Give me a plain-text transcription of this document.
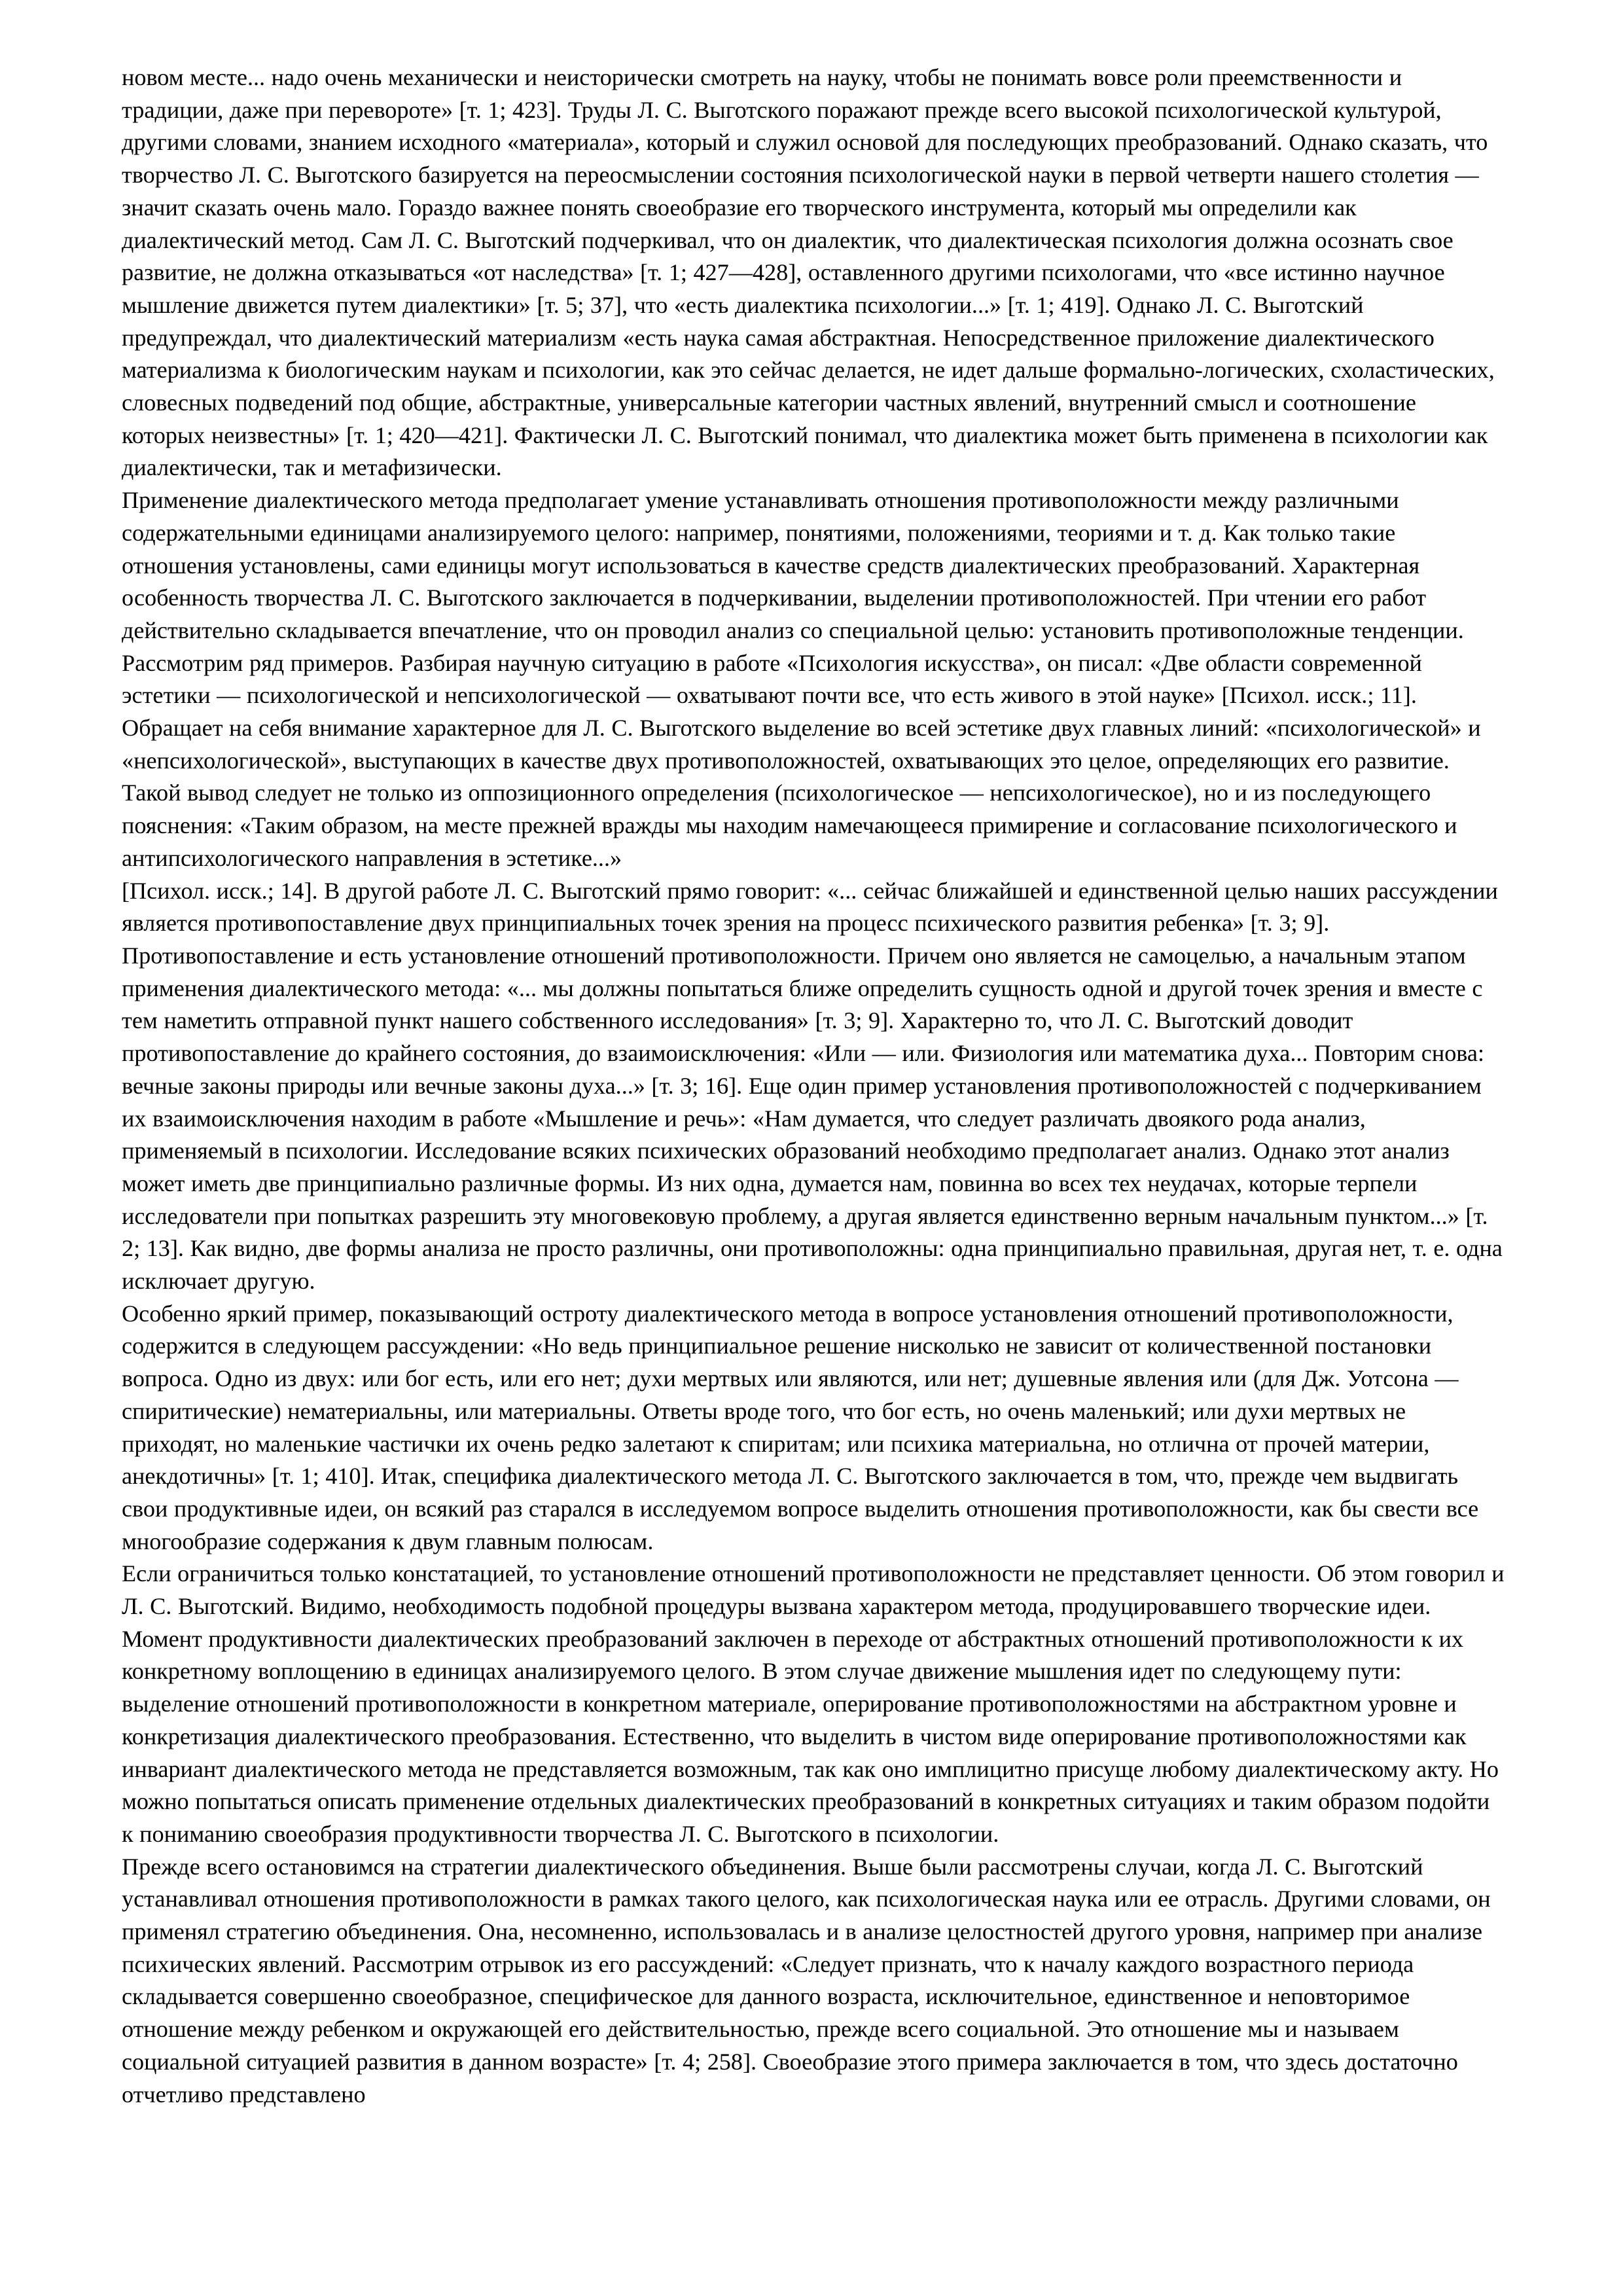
новом месте... надо очень механически и неисторически смотреть на науку, чтобы не понимать вовсе роли преемственности и традиции, даже при перевороте» [т. 1; 423]. Труды Л. С. Выготского поражают прежде всего высокой психологической культурой, другими словами, знанием исходного «материала», который и служил основой для последующих преобразований. Однако сказать, что творчество Л. С. Выготского базируется на переосмыслении состояния психологической науки в первой четверти нашего столетия — значит сказать очень мало. Гораздо важнее понять своеобразие его творческого инструмента, который мы определили как диалектический метод. Сам Л. С. Выготский подчеркивал, что он диалектик, что диалектическая психология должна осознать свое развитие, не должна отказываться «от наследства» [т. 1; 427—428], оставленного другими психологами, что «все истинно научное мышление движется путем диалектики» [т. 5; 37], что «есть диалектика психологии...» [т. 1; 419]. Однако Л. С. Выготский предупреждал, что диалектический материализм «есть наука самая абстрактная. Непосредственное приложение диалектического материализма к биологическим наукам и психологии, как это сейчас делается, не идет дальше формально-логических, схоластических, словесных подведений под общие, абстрактные, универсальные категории частных явлений, внутренний смысл и соотношение которых неизвестны» [т. 1; 420—421]. Фактически Л. С. Выготский понимал, что диалектика может быть применена в психологии как диалектически, так и метафизически.

Применение диалектического метода предполагает умение устанавливать отношения противоположности между различными содержательными единицами анализируемого целого: например, понятиями, положениями, теориями и т. д. Как только такие отношения установлены, сами единицы могут использоваться в качестве средств диалектических преобразований. Характерная особенность творчества Л. С. Выготского заключается в подчеркивании, выделении противоположностей. При чтении его работ действительно складывается впечатление, что он проводил анализ со специальной целью: установить противоположные тенденции. Рассмотрим ряд примеров. Разбирая научную ситуацию в работе «Психология искусства», он писал: «Две области современной эстетики — психологической и непсихологической — охватывают почти все, что есть живого в этой науке» [Психол. исск.; 11]. Обращает на себя внимание характерное для Л. С. Выготского выделение во всей эстетике двух главных линий: «психологической» и «непсихологической», выступающих в качестве двух противоположностей, охватывающих это целое, определяющих его развитие. Такой вывод следует не только из оппозиционного определения (психологическое — непсихологическое), но и из последующего пояснения: «Таким образом, на месте прежней вражды мы находим намечающееся примирение и согласование психологического и антипсихологического направления в эстетике...»

[Психол. исск.; 14]. В другой работе Л. С. Выготский прямо говорит: «... сейчас ближайшей и единственной целью наших рассуждении является противопоставление двух принципиальных точек зрения на процесс психического развития ребенка» [т. 3; 9]. Противопоставление и есть установление отношений противоположности. Причем оно является не самоцелью, а начальным этапом применения диалектического метода: «... мы должны попытаться ближе определить сущность одной и другой точек зрения и вместе с тем наметить отправной пункт нашего собственного исследования» [т. 3; 9]. Характерно то, что Л. С. Выготский доводит противопоставление до крайнего состояния, до взаимоисключения: «Или — или. Физиология или математика духа... Повторим снова: вечные законы природы или вечные законы духа...» [т. 3; 16]. Еще один пример установления противоположностей с подчеркиванием их взаимоисключения находим в работе «Мышление и речь»: «Нам думается, что следует различать двоякого рода анализ, применяемый в психологии. Исследование всяких психических образований необходимо предполагает анализ. Однако этот анализ может иметь две принципиально различные формы. Из них одна, думается нам, повинна во всех тех неудачах, которые терпели исследователи при попытках разрешить эту многовековую проблему, а другая является единственно верным начальным пунктом...» [т. 2; 13]. Как видно, две формы анализа не просто различны, они противоположны: одна принципиально правильная, другая нет, т. е. одна исключает другую.

Особенно яркий пример, показывающий остроту диалектического метода в вопросе установления отношений противоположности, содержится в следующем рассуждении: «Но ведь принципиальное решение нисколько не зависит от количественной постановки вопроса. Одно из двух: или бог есть, или его нет; духи мертвых или являются, или нет; душевные явления или (для Дж. Уотсона — спиритические) нематериальны, или материальны. Ответы вроде того, что бог есть, но очень маленький; или духи мертвых не приходят, но маленькие частички их очень редко залетают к спиритам; или психика материальна, но отлична от прочей материи, анекдотичны» [т. 1; 410]. Итак, специфика диалектического метода Л. С. Выготского заключается в том, что, прежде чем выдвигать свои продуктивные идеи, он всякий раз старался в исследуемом вопросе выделить отношения противоположности, как бы свести все многообразие содержания к двум главным полюсам.

Если ограничиться только констатацией, то установление отношений противоположности не представляет ценности. Об этом говорил и Л. С. Выготский. Видимо, необходимость подобной процедуры вызвана характером метода, продуцировавшего творческие идеи. Момент продуктивности диалектических преобразований заключен в переходе от абстрактных отношений противоположности к их конкретному воплощению в единицах анализируемого целого. В этом случае движение мышления идет по следующему пути: выделение отношений противоположности в конкретном материале, оперирование противоположностями на абстрактном уровне и конкретизация диалектического преобразования. Естественно, что выделить в чистом виде оперирование противоположностями как инвариант диалектического метода не представляется возможным, так как оно имплицитно присуще любому диалектическому акту. Но можно попытаться описать применение отдельных диалектических преобразований в конкретных ситуациях и таким образом подойти к пониманию своеобразия продуктивности творчества Л. С. Выготского в психологии.

Прежде всего остановимся на стратегии диалектического объединения. Выше были рассмотрены случаи, когда Л. С. Выготский устанавливал отношения противоположности в рамках такого целого, как психологическая наука или ее отрасль. Другими словами, он применял стратегию объединения. Она, несомненно, использовалась и в анализе целостностей другого уровня, например при анализе психических явлений. Рассмотрим отрывок из его рассуждений: «Следует признать, что к началу каждого возрастного периода складывается совершенно своеобразное, специфическое для данного возраста, исключительное, единственное и неповторимое отношение между ребенком и окружающей его действительностью, прежде всего социальной. Это отношение мы и называем социальной ситуацией развития в данном возрасте» [т. 4; 258]. Своеобразие этого примера заключается в том, что здесь достаточно отчетливо представлено
